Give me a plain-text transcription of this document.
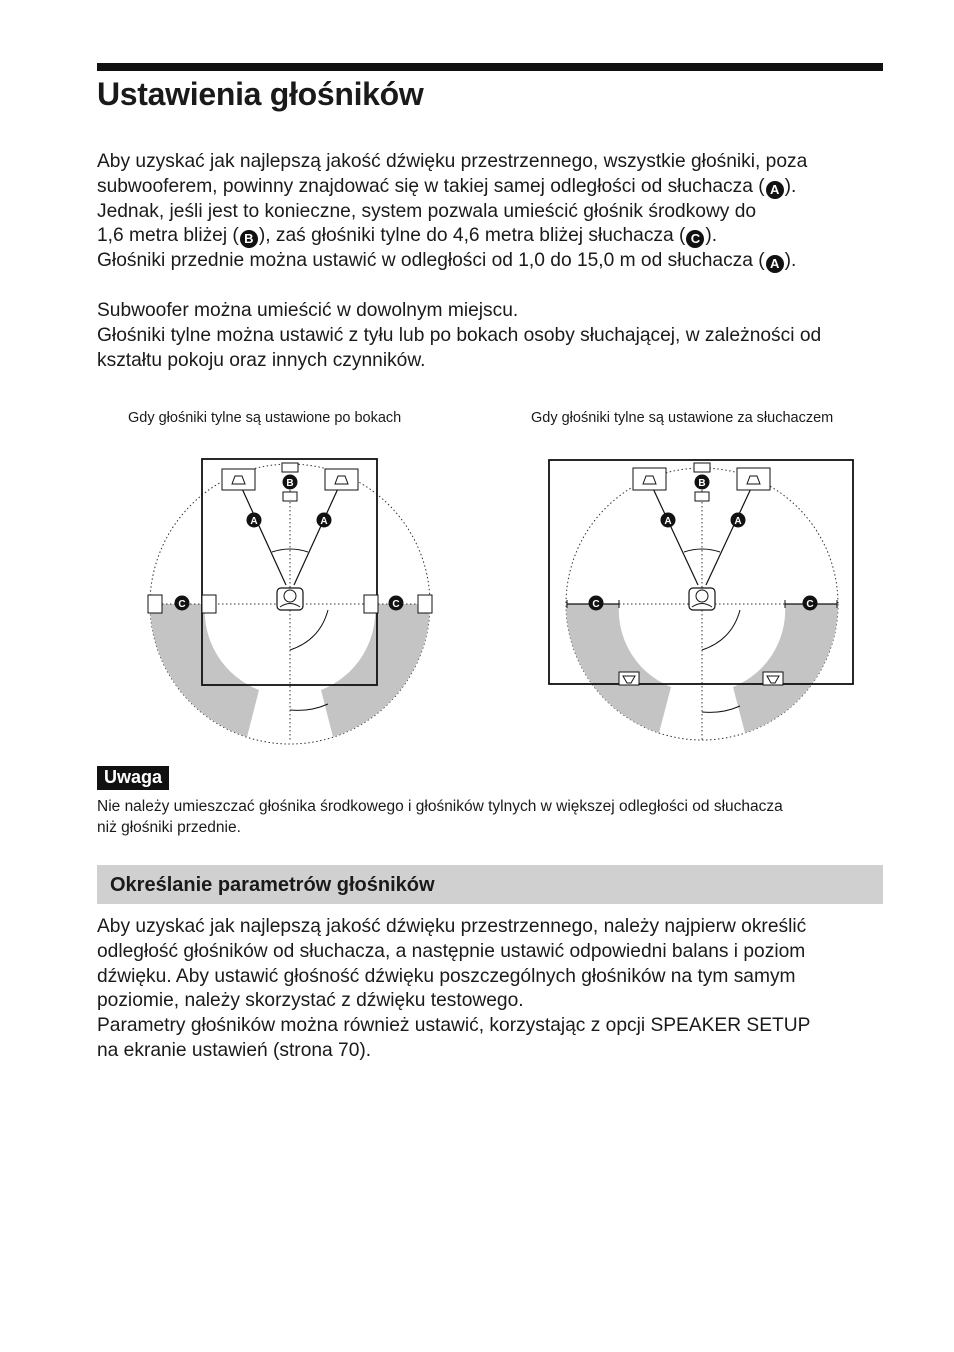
Ustawienia głośników

Aby uzyskać jak najlepszą jakość dźwięku przestrzennego, wszystkie głośniki, poza
subwooferem, powinny znajdować się w takiej samej odległości od słuchacza ( A ).
Jednak, jeśli jest to konieczne, system pozwala umieścić głośnik środkowy do
1,6 metra bliżej ( B ), zaś głośniki tylne do 4,6 metra bliżej słuchacza ( C ).
Głośniki przednie można ustawić w odległości od 1,0 do 15,0 m od słuchacza ( A ).

Subwoofer można umieścić w dowolnym miejscu.
Głośniki tylne można ustawić z tyłu lub po bokach osoby słuchającej, w zależności od
kształtu pokoju oraz innych czynników.

Gdy głośniki tylne są ustawione po bokach	Gdy głośniki tylne są ustawione za słuchaczem
B
A	A
C	C
B
A	A
C	C
Uwaga
Nie należy umieszczać głośnika środkowego i głośników tylnych w większej odległości od słuchacza
niż głośniki przednie.
Określanie parametrów głośników

Aby uzyskać jak najlepszą jakość dźwięku przestrzennego, należy najpierw określić
odległość głośników od słuchacza, a następnie ustawić odpowiedni balans i poziom
dźwięku. Aby ustawić głośność dźwięku poszczególnych głośników na tym samym
poziomie, należy skorzystać z dźwięku testowego.
Parametry głośników można również ustawić, korzystając z opcji SPEAKER SETUP
na ekranie ustawień (strona 70).
